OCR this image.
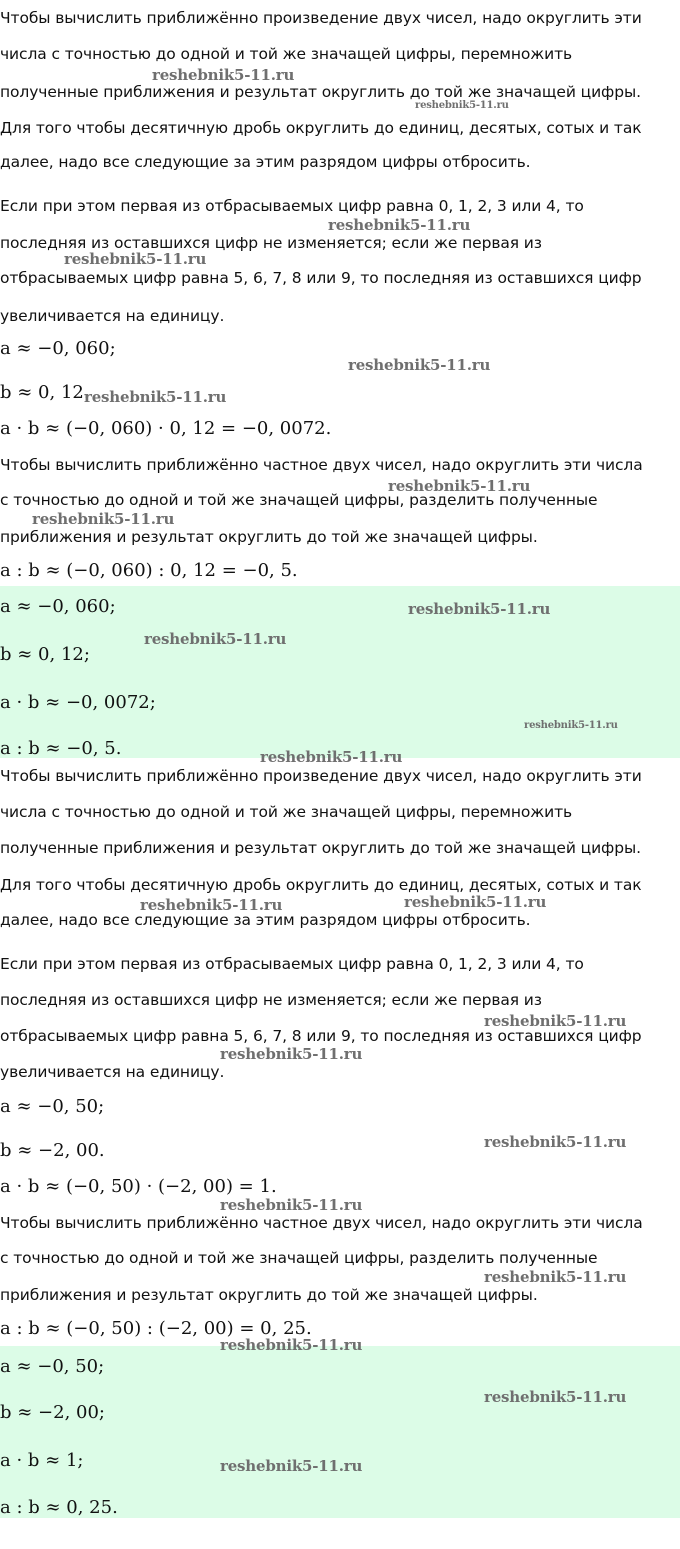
Чтобы вычислить приближённо произведение двух чисел, надо округлить эти
числа с точностью до одной и той же значащей цифры, перемножить
полученные приближения и результат округлить до той же значащей цифры.
Для того чтобы десятичную дробь округлить до единиц, десятых, сотых и так
далее, надо все следующие за этим разрядом цифры отбросить.
Если при этом первая из отбрасываемых цифр равна 0, 1, 2, 3 или 4, то
последняя из оставшихся цифр не изменяется; если же первая из
отбрасываемых цифр равна 5, 6, 7, 8 или 9, то последняя из оставшихся цифр
увеличивается на единицу.
a ≈ −0, 060;
b ≈ 0, 12.
a · b ≈ (−0, 060) · 0, 12 = −0, 0072.
Чтобы вычислить приближённо частное двух чисел, надо округлить эти числа
с точностью до одной и той же значащей цифры, разделить полученные
приближения и результат округлить до той же значащей цифры.
a : b ≈ (−0, 060) : 0, 12 = −0, 5.
a ≈ −0, 060;
b ≈ 0, 12;
a · b ≈ −0, 0072;
a : b ≈ −0, 5.
Чтобы вычислить приближённо произведение двух чисел, надо округлить эти
числа с точностью до одной и той же значащей цифры, перемножить
полученные приближения и результат округлить до той же значащей цифры.
Для того чтобы десятичную дробь округлить до единиц, десятых, сотых и так
далее, надо все следующие за этим разрядом цифры отбросить.
Если при этом первая из отбрасываемых цифр равна 0, 1, 2, 3 или 4, то
последняя из оставшихся цифр не изменяется; если же первая из
отбрасываемых цифр равна 5, 6, 7, 8 или 9, то последняя из оставшихся цифр
увеличивается на единицу.
a ≈ −0, 50;
b ≈ −2, 00.
a · b ≈ (−0, 50) · (−2, 00) = 1.
Чтобы вычислить приближённо частное двух чисел, надо округлить эти числа
с точностью до одной и той же значащей цифры, разделить полученные
приближения и результат округлить до той же значащей цифры.
a : b ≈ (−0, 50) : (−2, 00) = 0, 25.
a ≈ −0, 50;
b ≈ −2, 00;
a · b ≈ 1;
a : b ≈ 0, 25.
reshebnik5-11.ru
reshebnik5-11.ru
reshebnik5-11.ru
reshebnik5-11.ru
reshebnik5-11.ru
reshebnik5-11.ru
reshebnik5-11.ru
reshebnik5-11.ru
reshebnik5-11.ru
reshebnik5-11.ru
reshebnik5-11.ru
reshebnik5-11.ru
reshebnik5-11.ru	reshebnik5-11.ru
reshebnik5-11.ru
reshebnik5-11.ru
reshebnik5-11.ru
reshebnik5-11.ru
reshebnik5-11.ru
reshebnik5-11.ru
reshebnik5-11.ru
reshebnik5-11.ru
